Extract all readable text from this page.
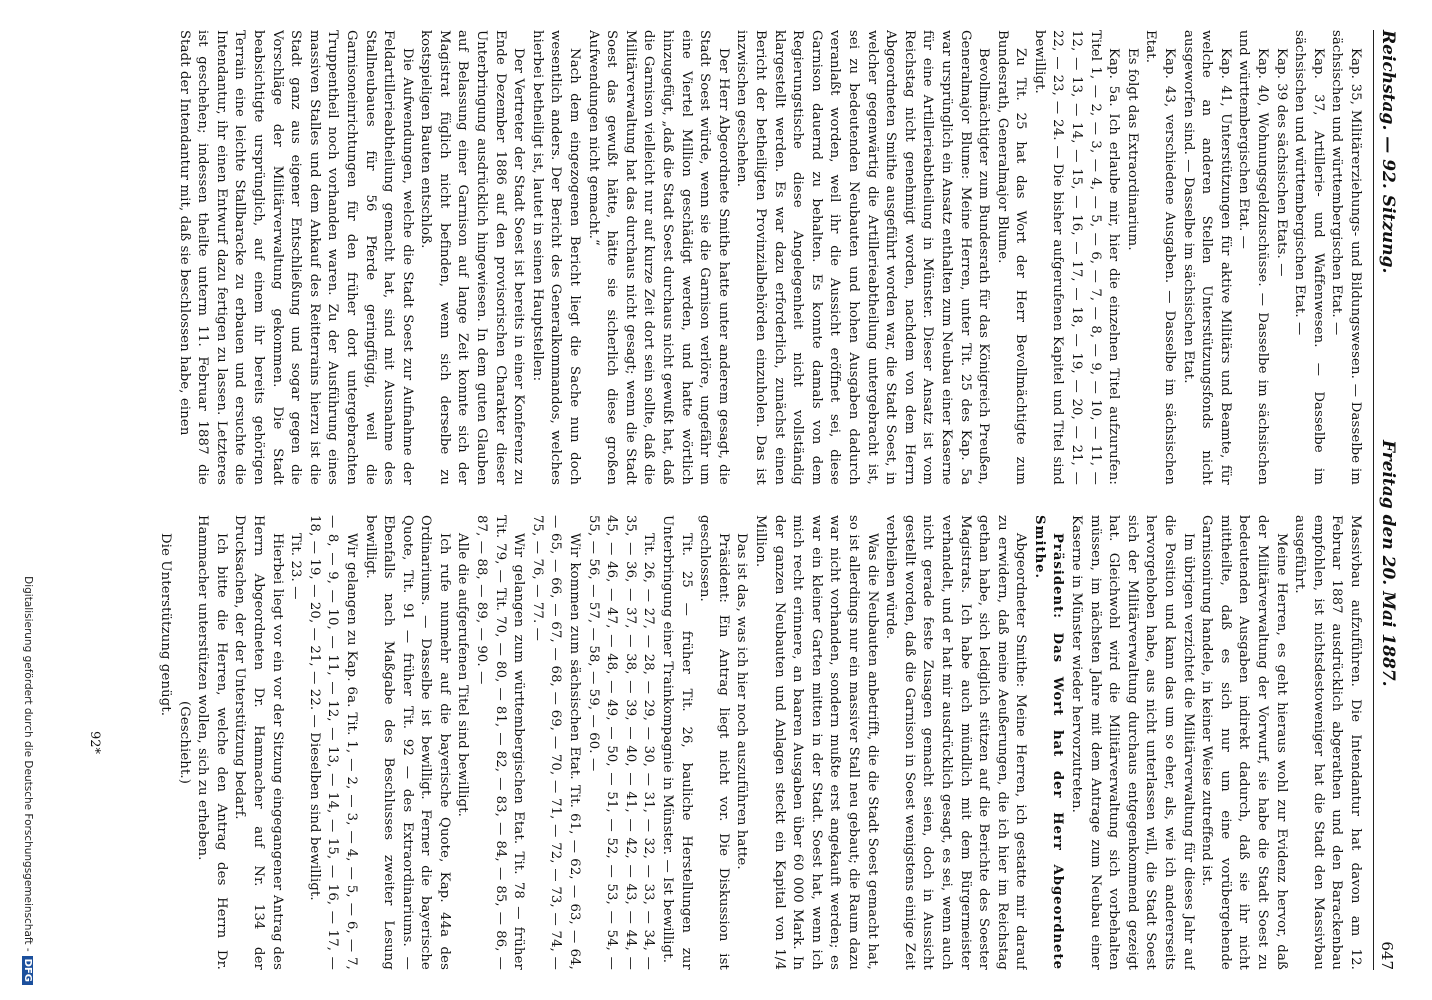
Reichstag. — 92. Sitzung.
Freitag den 20. Mai 1887.
647

Kap. 35, Militärerziehungs- und Bildungswesen. — Dasselbe im sächsischen und württembergischen Etat. —

Kap. 37, Artillerie- und Waffenwesen. — Dasselbe im sächsischen und württembergischen Etat. —

Kap. 39 des sächsischen Etats. —

Kap. 40, Wohnungsgeldzuschüsse. — Dasselbe im sächsischen und württembergischen Etat. —

Kap. 41, Unterstützungen für aktive Militärs und Beamte, für welche an anderen Stellen Unterstützungsfonds nicht ausgeworfen sind. — Dasselbe im sächsischen Etat.

Kap. 43, verschiedene Ausgaben. — Dasselbe im sächsischen Etat.

Es folgt das Extraordinarium.

Kap. 5a. Ich erlaube mir, hier die einzelnen Titel aufzurufen: Titel 1, — 2, — 3, — 4, — 5, — 6, — 7, — 8, — 9, — 10, — 11, — 12, — 13, — 14, — 15, — 16, — 17, — 18, — 19, — 20, — 21, — 22, — 23, — 24. — Die bisher aufgerufenen Kapitel und Titel sind bewilligt.

Zu Tit. 25 hat das Wort der Herr Bevollmächtigte zum Bundesrath, Generalmajor Blume.

Bevollmächtigter zum Bundesrath für das Königreich Preußen, Generalmajor Blume: Meine Herren, unter Tit. 25 des Kap. 5a war ursprünglich ein Ansatz enthalten zum Neubau einer Kaserne für eine Artillerieabtheilung in Münster. Dieser Ansatz ist vom Reichstag nicht genehmigt worden, nachdem von dem Herrn Abgeordneten Smithe ausgeführt worden war, die Stadt Soest, in welcher gegenwärtig die Artillerieabtheilung untergebracht ist, sei zu bedeutenden Neubauten und hohen Ausgaben dadurch veranlaßt worden, weil ihr die Aussicht eröffnet sei, diese Garnison dauernd zu behalten. Es konnte damals von dem Regierungstische diese Angelegenheit nicht vollständig klargestellt werden. Es war dazu erforderlich, zunächst einen Bericht der betheiligten Provinzialbehörden einzuholen. Das ist inzwischen geschehen.

Der Herr Abgeordnete Smithe hatte unter anderem gesagt, die Stadt Soest würde, wenn sie die Garnison verlöre, ungefähr um eine Viertel Million geschädigt werden, und hatte wörtlich hinzugefügt, „daß die Stadt Soest durchaus nicht gewußt hat, daß die Garnison vielleicht nur auf kurze Zeit dort sein sollte, daß die Militärverwaltung hat das durchaus nicht gesagt; wenn die Stadt Soest das gewußt hätte, hätte sie sicherlich diese großen Aufwendungen nicht gemacht.“

Nach dem eingezogenen Bericht liegt die Sache nun doch wesentlich anders. Der Bericht des Generalkommandos, welches hierbei betheiligt ist, lautet in seinen Hauptstellen:

Der Vertreter der Stadt Soest ist bereits in einer Konferenz zu Ende Dezember 1886 auf den provisorischen Charakter dieser Unterbringung ausdrücklich hingewiesen. In dem guten Glauben auf Belassung einer Garnison auf lange Zeit konnte sich der Magistrat füglich nicht befinden, wenn sich derselbe zu kostspieligen Bauten entschloß.

Die Aufwendungen, welche die Stadt Soest zur Aufnahme der Feldartillerieabtheilung gemacht hat, sind mit Ausnahme des Stallneubaues für 56 Pferde geringfügig, weil die Garnisoneinrichtungen für den früher dort untergebrachten Truppentheil noch vorhanden waren. Zu der Ausführung eines massiven Stalles und dem Ankauf des Reitterrains hierzu ist die Stadt ganz aus eigener Entschließung und sogar gegen die Vorschläge der Militärverwaltung gekommen. Die Stadt beabsichtigte ursprünglich, auf einem ihr bereits gehörigen Terrain eine leichte Stallbaracke zu erbauen und ersuchte die Intendantur, ihr einen Entwurf dazu fertigen zu lassen. Letzteres ist geschehen; indessen theilte unterm 11. Februar 1887 die Stadt der Intendantur mit, daß sie beschlossen habe, einen

Massivbau aufzuführen. Die Intendantur hat davon am 12. Februar 1887 ausdrücklich abgerathen und den Barackenbau empfohlen, ist nichtsdestoweniger hat die Stadt den Massivbau ausgeführt.

Meine Herren, es geht hieraus wohl zur Evidenz hervor, daß der Militärverwaltung der Vorwurf, sie habe die Stadt Soest zu bedeutenden Ausgaben indirekt dadurch, daß sie ihr nicht mittheilte, daß es sich nur um eine vorübergehende Garnisonirung handele, in keiner Weise zutreffend ist.

Im übrigen verzichtet die Militärverwaltung für dieses Jahr auf die Position und kann das um so eher, als, wie ich andererseits hervorgehoben habe, aus nicht unterlassen will, die Stadt Soest sich der Militärverwaltung durchaus entgegenkommend gezeigt hat. Gleichwohl wird die Militärverwaltung sich vorbehalten müssen, im nächsten Jahre mit dem Antrage zum Neubau einer Kaserne in Münster wieder hervorzutreten.

Präsident: Das Wort hat der Herr Abgeordnete Smithe.

Abgeordneter Smithe: Meine Herren, ich gestatte mir darauf zu erwidern, daß meine Aeußerungen, die ich hier im Reichstag gethan habe, sich lediglich stützen auf die Berichte des Soester Magistrats. Ich habe auch mündlich mit dem Bürgermeister verhandelt, und er hat mir ausdrücklich gesagt, es sei, wenn auch nicht gerade feste Zusagen gemacht seien, doch in Aussicht gestellt worden, daß die Garnison in Soest wenigstens einige Zeit verbleiben würde.

Was die Neubauten anbetrifft, die die Stadt Soest gemacht hat, so ist allerdings nur ein massiver Stall neu gebaut; die Raum dazu war nicht vorhanden, sondern mußte erst angekauft werden; es war ein kleiner Garten mitten in der Stadt. Soest hat, wenn ich mich recht erinnere, an baaren Ausgaben über 60 000 Mark. In der ganzen Neubauten und Anlagen steckt ein Kapital von 1/4 Million.

Das ist das, was ich hier noch auszuführen hatte.

Präsident: Ein Antrag liegt nicht vor. Die Diskussion ist geschlossen.

Tit. 25 — früher Tit. 26, bauliche Herstellungen zur Unterbringung einer Trainkompagnie in Münster. — Ist bewilligt.

Tit. 26, — 27, — 28, — 29, — 30, — 31, — 32, — 33, — 34, — 35, — 36, — 37, — 38, — 39, — 40, — 41, — 42, — 43, — 44, — 45, — 46, — 47, — 48, — 49, — 50, — 51, — 52, — 53, — 54, — 55, — 56, — 57, — 58, — 59, — 60. —

Wir kommen zum sächsischen Etat. Tit. 61, — 62, — 63, — 64, — 65, — 66, — 67, — 68, — 69, — 70, — 71, — 72, — 73, — 74, — 75, — 76, — 77. —

Wir gelangen zum württembergischen Etat. Tit. 78 — früher Tit. 79, — Tit. 70, — 80, — 81, — 82, — 83, — 84, — 85, — 86, — 87, — 88, — 89, — 90. —

Alle die aufgerufenen Titel sind bewilligt.

Ich rufe nunmehr auf die bayerische Quote, Kap. 44a des Ordinariums. — Dasselbe ist bewilligt. Ferner die bayerische Quote, Tit. 91 — früher Tit. 92 — des Extraordinariums. — Ebenfalls nach Maßgabe des Beschlusses zweiter Lesung bewilligt.

Wir gelangen zu Kap. 6a. Tit. 1, — 2, — 3, — 4, — 5, — 6, — 7, — 8, — 9, — 10, — 11, — 12, — 13, — 14, — 15, — 16, — 17, — 18, — 19, — 20, — 21, — 22. — Dieselben sind bewilligt.

Tit. 23. —

Hierbei liegt vor ein vor der Sitzung eingegangener Antrag des Herrn Abgeordneten Dr. Hammacher auf Nr. 134 der Drucksachen, der der Unterstützung bedarf.

Ich bitte die Herren, welche den Antrag des Herrn Dr. Hammacher unterstützen wollen, sich zu erheben.

(Geschieht.)

Die Unterstützung genügt.

92*
Digitalisierung gefördert durch die Deutsche Forschungsgemeinschaft -DFG
